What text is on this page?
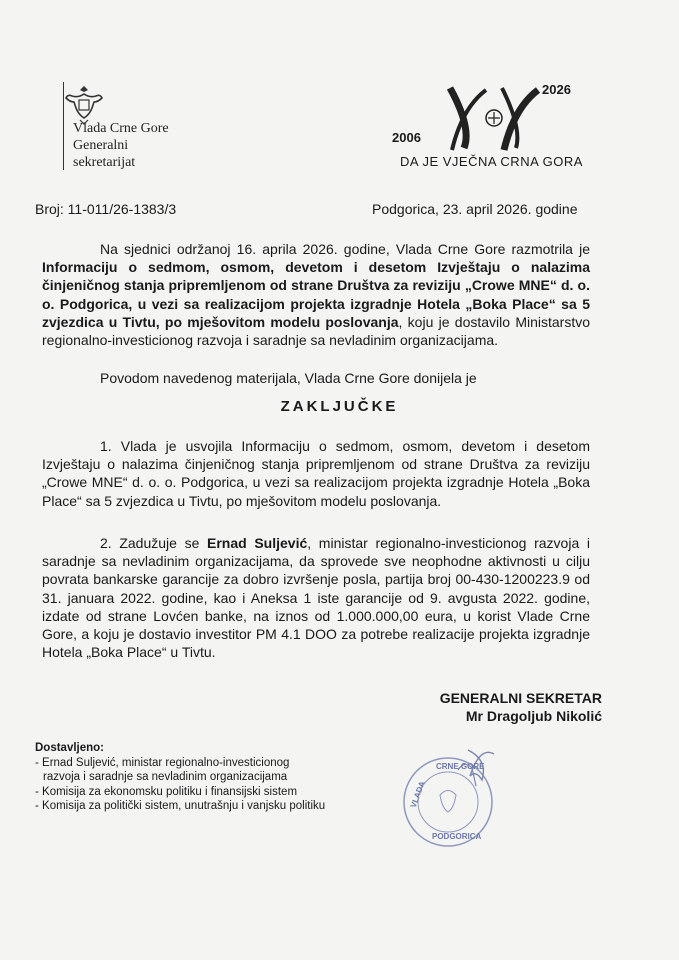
Vlada Crne Gore
Generalni
sekretarijat
2006
2026
DA JE VJEČNA CRNA GORA
Broj: 11-011/26-1383/3	Podgorica, 23. april 2026. godine
Na sjednici održanoj 16. aprila 2026. godine, Vlada Crne Gore razmotrila je Informaciju o sedmom, osmom, devetom i desetom Izvještaju o nalazima činjeničnog stanja pripremljenom od strane Društva za reviziju „Crowe MNE“ d. o. o. Podgorica, u vezi sa realizacijom projekta izgradnje Hotela „Boka Place“ sa 5 zvjezdica u Tivtu, po mješovitom modelu poslovanja, koju je dostavilo Ministarstvo regionalno-investicionog razvoja i saradnje sa nevladinim organizacijama.
Povodom navedenog materijala, Vlada Crne Gore donijela je
ZAKLJUČKE
1. Vlada je usvojila Informaciju o sedmom, osmom, devetom i desetom Izvještaju o nalazima činjeničnog stanja pripremljenom od strane Društva za reviziju „Crowe MNE“ d. o. o. Podgorica, u vezi sa realizacijom projekta izgradnje Hotela „Boka Place“ sa 5 zvjezdica u Tivtu, po mješovitom modelu poslovanja.
2. Zadužuje se Ernad Suljević, ministar regionalno-investicionog razvoja i saradnje sa nevladinim organizacijama, da sprovede sve neophodne aktivnosti u cilju povrata bankarske garancije za dobro izvršenje posla, partija broj 00-430-1200223.9 od 31. januara 2022. godine, kao i Aneksa 1 iste garancije od 9. avgusta 2022. godine, izdate od strane Lovćen banke, na iznos od 1.000.000,00 eura, u korist Vlade Crne Gore, a koju je dostavio investitor PM 4.1 DOO za potrebe realizacije projekta izgradnje Hotela „Boka Place“ u Tivtu.
GENERALNI SEKRETAR
Mr Dragoljub Nikolić
CRNE GORE
VLADA
PODGORICA
Dostavljeno:
- Ernad Suljević, ministar regionalno-investicionog
razvoja i saradnje sa nevladinim organizacijama
- Komisija za ekonomsku politiku i finansijski sistem
- Komisija za politički sistem, unutrašnju i vanjsku politiku
